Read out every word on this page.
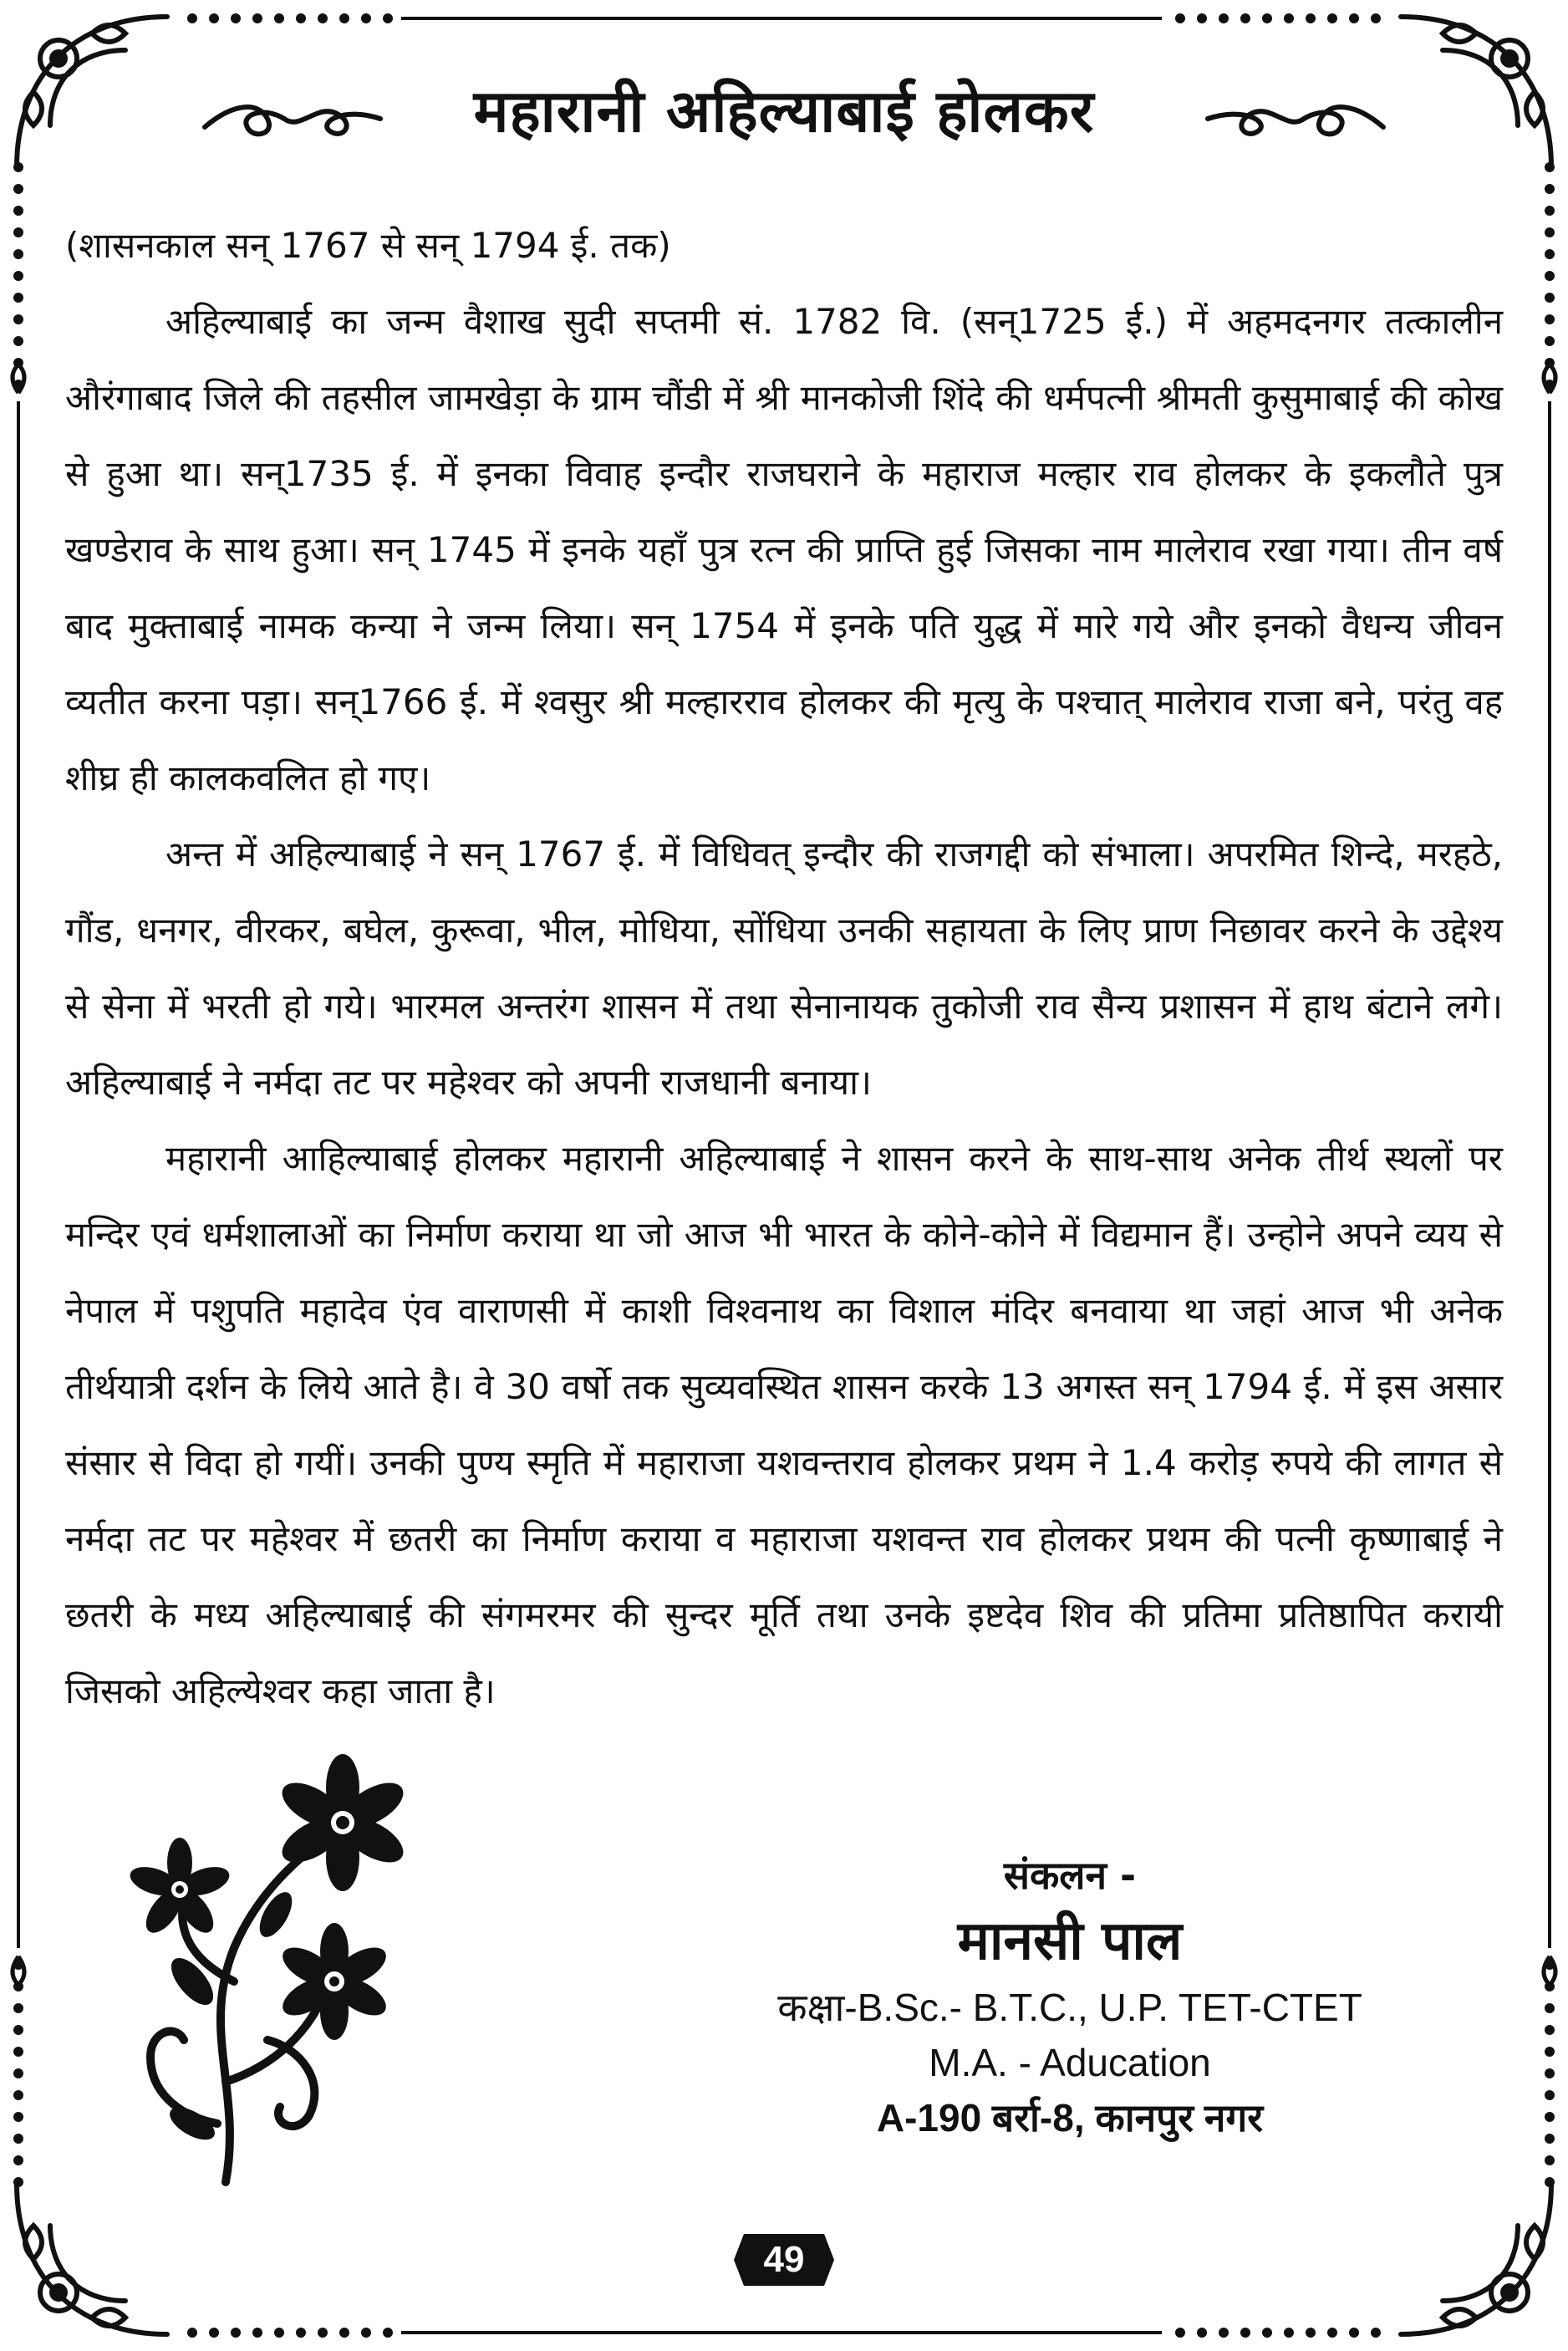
महारानी अहिल्याबाई होलकर

(शासनकाल सन् 1767 से सन् 1794 ई. तक)

अहिल्याबाई का जन्म वैशाख सुदी सप्तमी सं. 1782 वि. (सन्1725 ई.) में अहमदनगर तत्कालीन औरंगाबाद जिले की तहसील जामखेड़ा के ग्राम चौंडी में श्री मानकोजी शिंदे की धर्मपत्नी श्रीमती कुसुमाबाई की कोख से हुआ था। सन्1735 ई. में इनका विवाह इन्दौर राजघराने के महाराज मल्हार राव होलकर के इकलौते पुत्र खण्डेराव के साथ हुआ। सन् 1745 में इनके यहाँ पुत्र रत्न की प्राप्ति हुई जिसका नाम मालेराव रखा गया। तीन वर्ष बाद मुक्ताबाई नामक कन्या ने जन्म लिया। सन् 1754 में इनके पति युद्ध में मारे गये और इनको वैधन्य जीवन व्यतीत करना पड़ा। सन्1766 ई. में श्वसुर श्री मल्हारराव होलकर की मृत्यु के पश्चात् मालेराव राजा बने, परंतु वह शीघ्र ही कालकवलित हो गए।

अन्त में अहिल्याबाई ने सन् 1767 ई. में विधिवत् इन्दौर की राजगद्दी को संभाला। अपरमित शिन्दे, मरहठे, गौंड, धनगर, वीरकर, बघेल, कुरूवा, भील, मोधिया, सोंधिया उनकी सहायता के लिए प्राण निछावर करने के उद्देश्य से सेना में भरती हो गये। भारमल अन्तरंग शासन में तथा सेनानायक तुकोजी राव सैन्य प्रशासन में हाथ बंटाने लगे। अहिल्याबाई ने नर्मदा तट पर महेश्वर को अपनी राजधानी बनाया।

महारानी आहिल्याबाई होलकर महारानी अहिल्याबाई ने शासन करने के साथ-साथ अनेक तीर्थ स्थलों पर मन्दिर एवं धर्मशालाओं का निर्माण कराया था जो आज भी भारत के कोने-कोने में विद्यमान हैं। उन्होने अपने व्यय से नेपाल में पशुपति महादेव एंव वाराणसी में काशी विश्वनाथ का विशाल मंदिर बनवाया था जहां आज भी अनेक तीर्थयात्री दर्शन के लिये आते है। वे 30 वर्षो तक सुव्यवस्थित शासन करके 13 अगस्त सन् 1794 ई. में इस असार संसार से विदा हो गयीं। उनकी पुण्य स्मृति में महाराजा यशवन्तराव होलकर प्रथम ने 1.4 करोड़ रुपये की लागत से नर्मदा तट पर महेश्वर में छतरी का निर्माण कराया व महाराजा यशवन्त राव होलकर प्रथम की पत्नी कृष्णाबाई ने छतरी के मध्य अहिल्याबाई की संगमरमर की सुन्दर मूर्ति तथा उनके इष्टदेव शिव की प्रतिमा प्रतिष्ठापित करायी जिसको अहिल्येश्वर कहा जाता है।

संकलन -
मानसी पाल
कक्षा-B.Sc.- B.T.C., U.P. TET-CTET
M.A. - Aducation
A-190 बर्रा-8, कानपुर नगर
49
